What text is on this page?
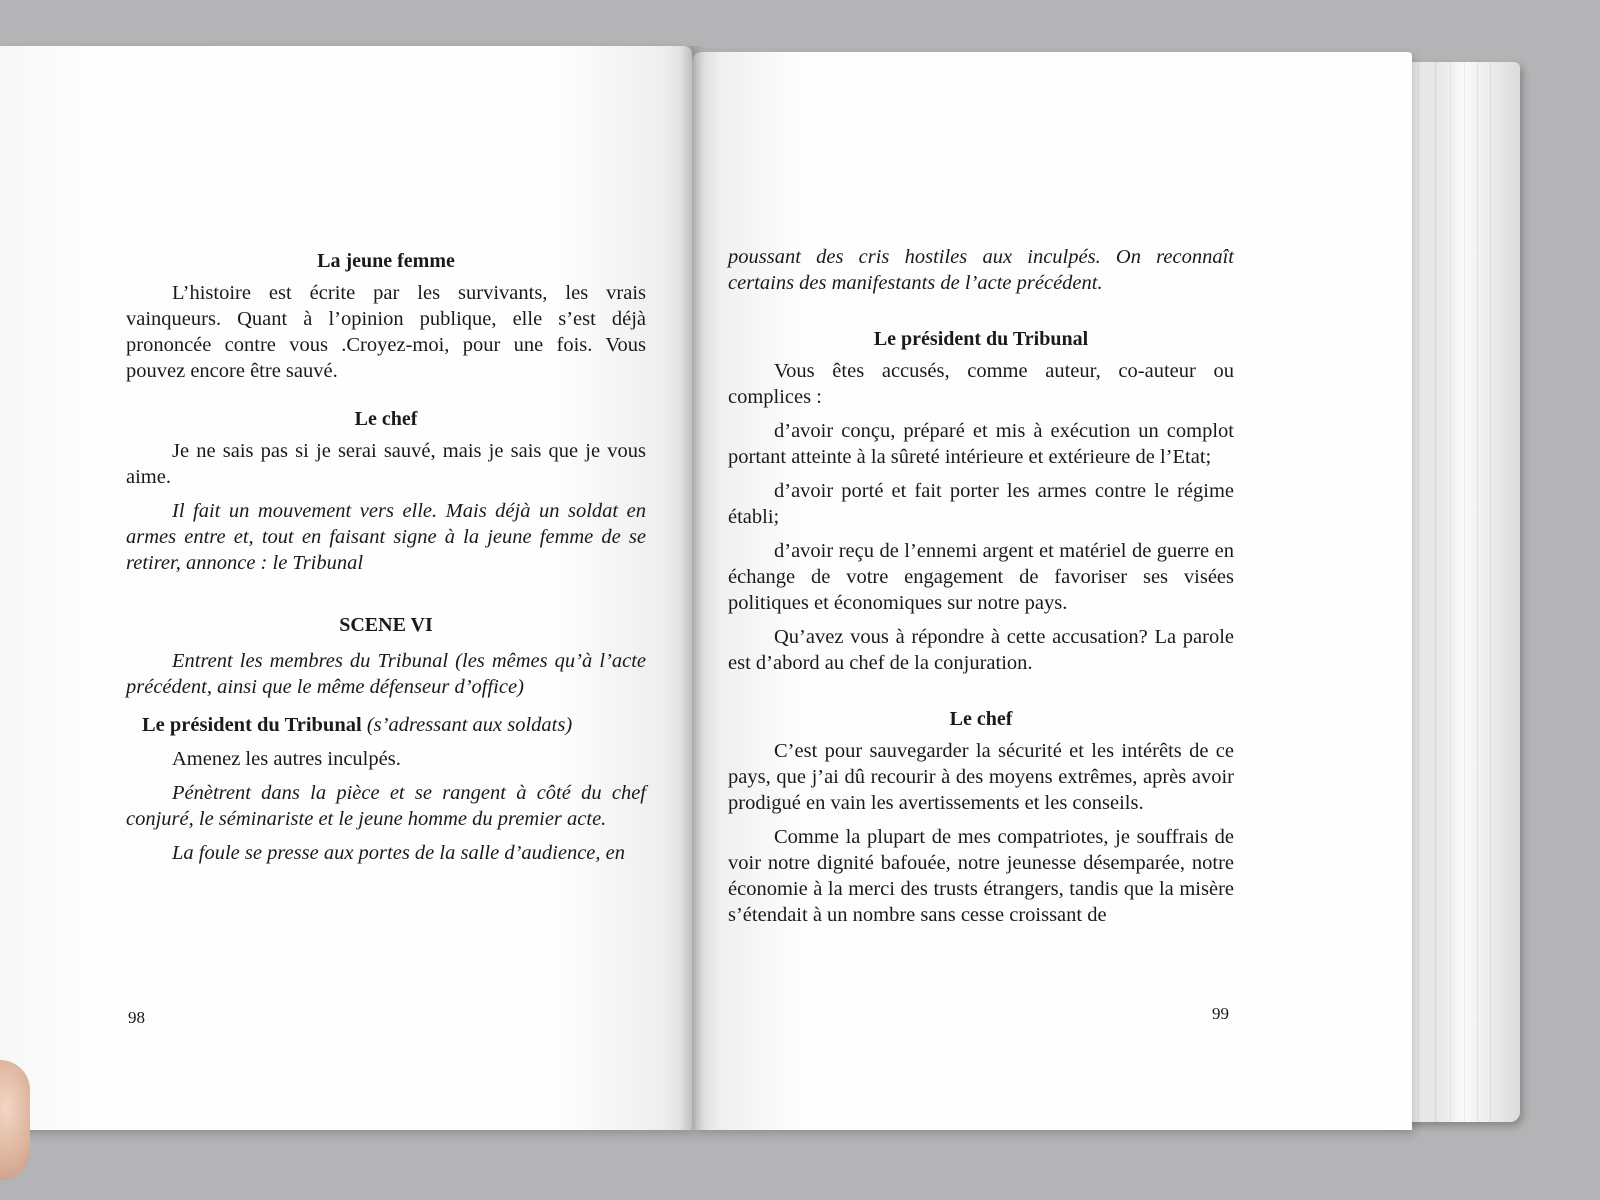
La jeune femme

L’histoire est écrite par les survivants, les vrais vainqueurs. Quant à l’opinion publique, elle s’est déjà prononcée contre vous .Croyez-moi, pour une fois. Vous pouvez encore être sauvé.

Le chef

Je ne sais pas si je serai sauvé, mais je sais que je vous aime.

Il fait un mouvement vers elle. Mais déjà un soldat en armes entre et, tout en faisant signe à la jeune femme de se retirer, annonce : le Tribunal

SCENE VI

Entrent les membres du Tribunal (les mêmes qu’à l’acte précédent, ainsi que le même défenseur d’office)

Le président du Tribunal (s’adressant aux soldats)

Amenez les autres inculpés.

Pénètrent dans la pièce et se rangent à côté du chef conjuré, le séminariste et le jeune homme du premier acte.

La foule se presse aux portes de la salle d’audience, en

98

poussant des cris hostiles aux inculpés. On reconnaît certains des manifestants de l’acte précédent.

Le président du Tribunal

Vous êtes accusés, comme auteur, co-auteur ou complices :

d’avoir conçu, préparé et mis à exécution un complot portant atteinte à la sûreté intérieure et extérieure de l’Etat;

d’avoir porté et fait porter les armes contre le régime établi;

d’avoir reçu de l’ennemi argent et matériel de guerre en échange de votre engagement de favoriser ses visées politiques et économiques sur notre pays.

Qu’avez vous à répondre à cette accusation? La parole est d’abord au chef de la conjuration.

Le chef

C’est pour sauvegarder la sécurité et les intérêts de ce pays, que j’ai dû recourir à des moyens extrêmes, après avoir prodigué en vain les avertissements et les conseils.

Comme la plupart de mes compatriotes, je souffrais de voir notre dignité bafouée, notre jeunesse désemparée, notre économie à la merci des trusts étrangers, tandis que la misère s’étendait à un nombre sans cesse croissant de

99
